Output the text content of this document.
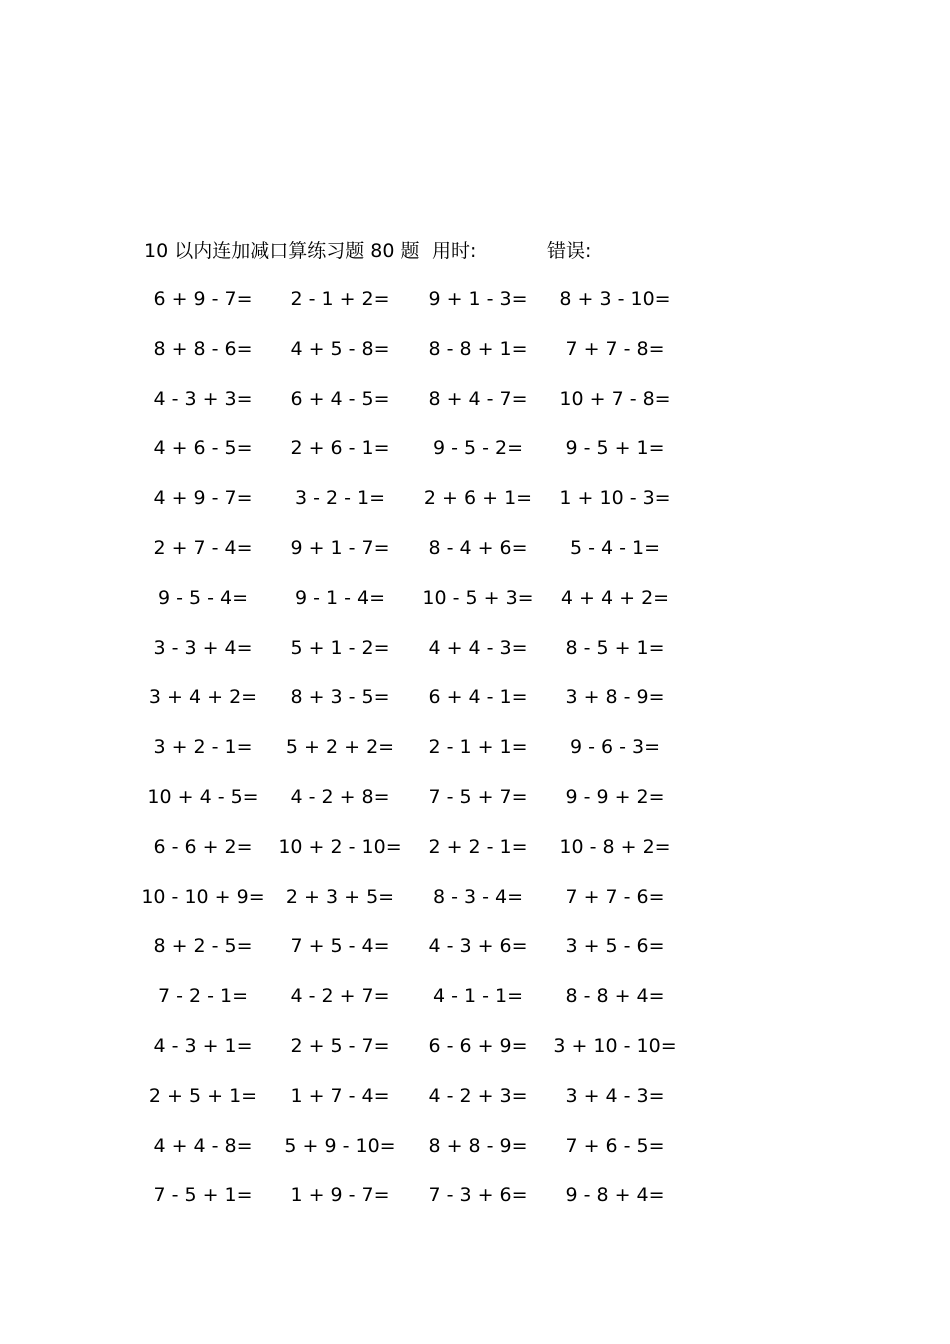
10 以内连加减口算练习题 80 题 用时:	错误:
6 + 9 - 7=	2 - 1 + 2=	9 + 1 - 3=	8 + 3 - 10=
8 + 8 - 6=	4 + 5 - 8=	8 - 8 + 1=	7 + 7 - 8=
4 - 3 + 3=	6 + 4 - 5=	8 + 4 - 7=	10 + 7 - 8=
4 + 6 - 5=	2 + 6 - 1=	9 - 5 - 2=	9 - 5 + 1=
4 + 9 - 7=	3 - 2 - 1=	2 + 6 + 1=	1 + 10 - 3=
2 + 7 - 4=	9 + 1 - 7=	8 - 4 + 6=	5 - 4 - 1=
9 - 5 - 4=	9 - 1 - 4=	10 - 5 + 3=	4 + 4 + 2=
3 - 3 + 4=	5 + 1 - 2=	4 + 4 - 3=	8 - 5 + 1=
3 + 4 + 2=	8 + 3 - 5=	6 + 4 - 1=	3 + 8 - 9=
3 + 2 - 1=	5 + 2 + 2=	2 - 1 + 1=	9 - 6 - 3=
10 + 4 - 5=	4 - 2 + 8=	7 - 5 + 7=	9 - 9 + 2=
6 - 6 + 2=	10 + 2 - 10=	2 + 2 - 1=	10 - 8 + 2=
10 - 10 + 9=	2 + 3 + 5=	8 - 3 - 4=	7 + 7 - 6=
8 + 2 - 5=	7 + 5 - 4=	4 - 3 + 6=	3 + 5 - 6=
7 - 2 - 1=	4 - 2 + 7=	4 - 1 - 1=	8 - 8 + 4=
4 - 3 + 1=	2 + 5 - 7=	6 - 6 + 9=	3 + 10 - 10=
2 + 5 + 1=	1 + 7 - 4=	4 - 2 + 3=	3 + 4 - 3=
4 + 4 - 8=	5 + 9 - 10=	8 + 8 - 9=	7 + 6 - 5=
7 - 5 + 1=	1 + 9 - 7=	7 - 3 + 6=	9 - 8 + 4=
